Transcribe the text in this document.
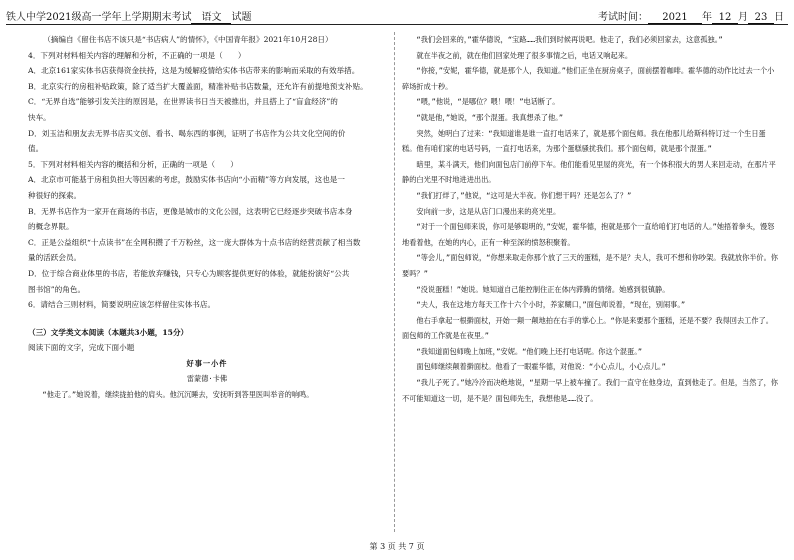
铁人中学2021级高一学年上学期期末考试 语文 试题	考试时间： 2021 年 12 月 23 日

（摘编自《留住书店不该只是“书店病人”的情怀》，《中国青年报》2021年10月28日）

4．下列对材料相关内容的理解和分析，不正确的一项是（　　）

A．北京161家实体书店获得资金扶持，这是为缓解疫情给实体书店带来的影响而采取的有效举措。

B．北京实行的房租补贴政策，除了适当扩大覆盖面，精准补贴书店数量，还允许有前提地预支补贴。

C．“无界自选”能够引发关注的原因是，在世界读书日当天被推出，并且搭上了“盲盒经济”的

快车。

D．刘玉洁和朋友去无界书店买文创、看书、喝东西的事例，证明了书店作为公共文化空间的价

值。

5．下列对材料相关内容的概括和分析，正确的一项是（　　）

A．北京市可能基于房租负担大等因素的考虑，鼓励实体书店向“小而精”等方向发展，这也是一

种很好的探索。

B．无界书店作为一家开在商场的书店，更像是城市的文化公园，这表明它已经逐步突破书店本身

的概念界限。

C．正是公益组织“十点读书”在全网积攒了千万粉丝，这一庞大群体为十点书店的经营贡献了相当数

量的活跃会员。

D．位于综合商业体里的书店，若能放弃赚钱，只专心为顾客提供更好的体验，就能扮演好“公共

图书馆”的角色。

6．请结合三则材料，简要说明应该怎样留住实体书店。

（三）文学类文本阅读（本题共3小题，15分）

阅读下面的文字，完成下面小题

好事一小件

雷蒙德·卡佛

“他走了。”她说着，继续拢拍他的肩头。他沉沉睡去，安抚听到答里医叫举音的响鸣。

“我们会回来的，”霍华德说，“宝路……我们到时候再说吧。他走了，我们必须回家去，这意孤独。”

就在半夜之前，就在他们回家处理了很多事情之后，电话又响起来。

“你接，”安妮，霍华德，就是那个人，我知道。”他们正坐在厨房桌子，面前摆着咖啡。霍华德的动作比过去一个小碎场折成十秒。

“喂，”他说，“是哪位？喂！喂！”电话断了。

“就是他，”她说，“那个混蛋。我真想杀了他。”

突然，她明白了过来：“我知道谁是谁一直打电话来了，就是那个面包师。我在他那儿给斯科特订过一个生日蛋糕。他有咱们家的电话号码，一直打电话来，为那个蛋糕骚扰我们。那个面包师，就是那个混蛋。”

暗里，某斗满天，他们向面包店门前停下车。他们能看见里屋的亮光，有一个体积很大的男人来回走动，在那片平静的白光里不时地进进出出。

“我们打烊了，”他说，“这可是大半夜。你们想干吗？还是怎么了？”

安向前一步，这是从店门口漫出来的亮光里。

“对于一个面包师来说，你可是够聪明的，”安妮，霍华德，抱就是那个一直给咱们打电话的人。”她捂着拳头，馒怒地看着他，在她的内心，正有一种至深的愤怒积聚着。

“等会儿，”面包师说，“你想来取走你那个放了三天的蛋糕，是不是？夫人，我可不想和你吵架。我就放你半价。你要吗？”

“没说蛋糕！”她说。她知道自己能控制住正在体内滞腾的情绪。她感到很镇静。

“夫人，我在这地方每天工作十六个小时，养家糊口，”面包师说着，“现在，别闹事。”

他右手拿起一根擀面杖，开始一颠一颠地拍在右手的掌心上。“你是来要那个蛋糕，还是不要？我得回去工作了。面包师的工作就是在夜里。”

“我知道面包师晚上加班，”安妮。“他们晚上还打电话呢。你这个混蛋。”

面包师继续颠着擀面杖。他看了一眼霍华德，对他说：“小心点儿，小心点儿。”

“我儿子死了。”她冷冷而决绝地说，“星期一早上被车撞了。我们一直守在他身边，直到他走了。但是，当然了，你不可能知道这一切，是不是？面包师先生，我想他是……没了。

第 3 页 共 7 页
